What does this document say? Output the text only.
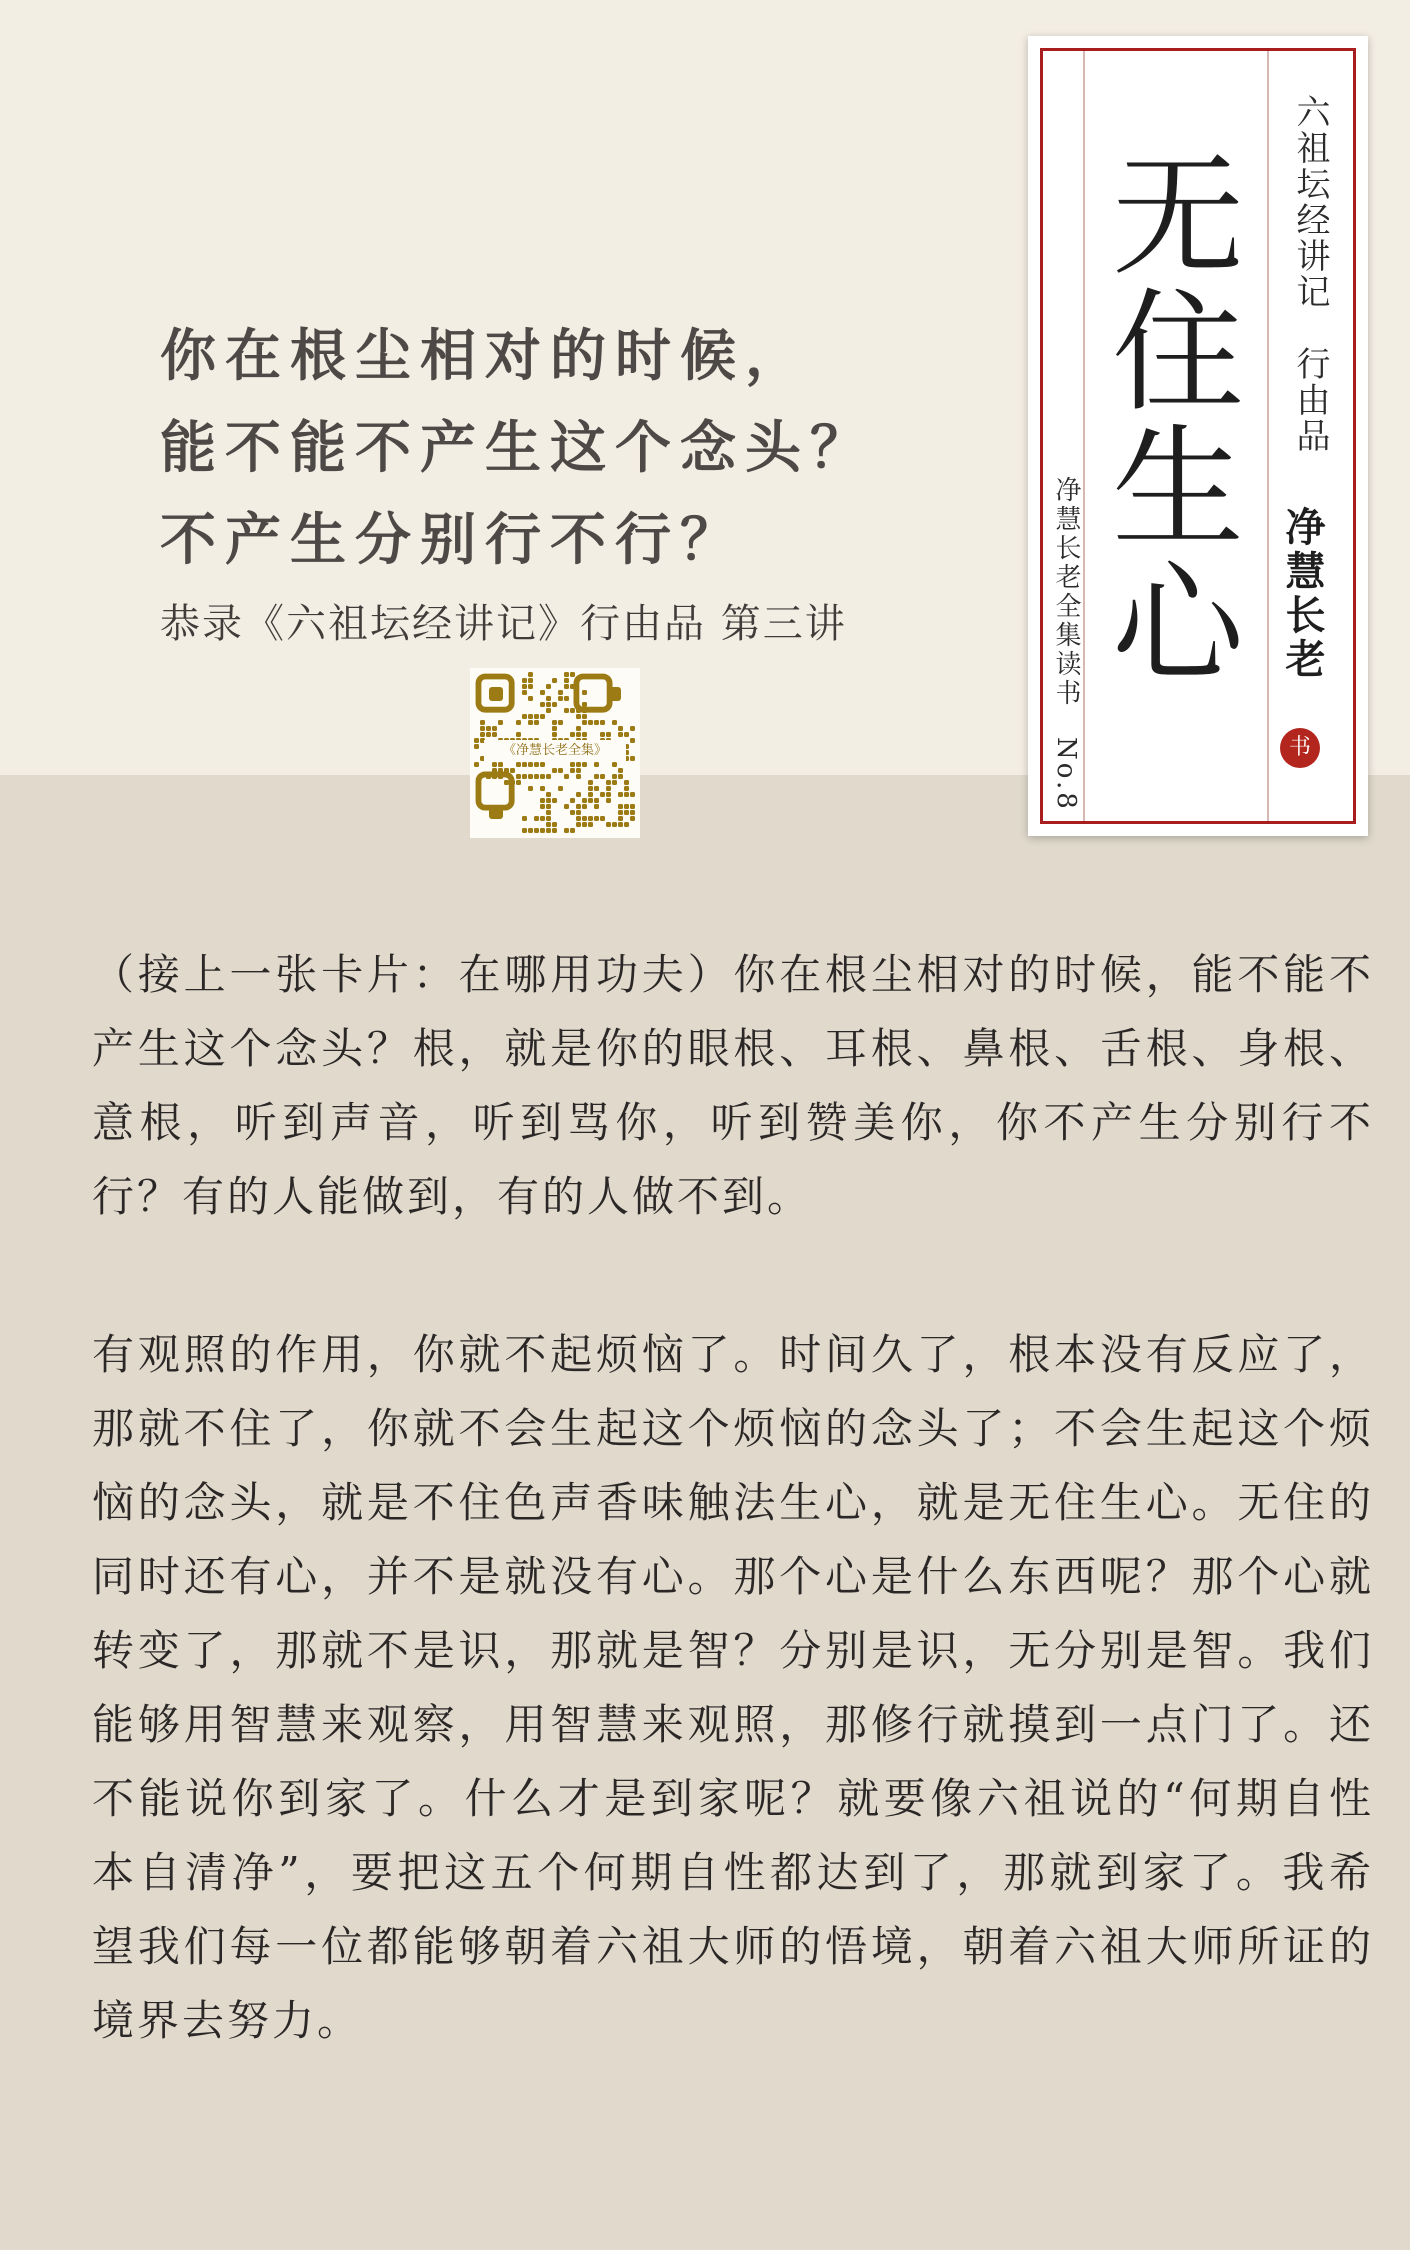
你在根尘相对的时候，
能不能不产生这个念头？
不产生分别行不行？
恭录《六祖坛经讲记》行由品 第三讲
《净慧长老全集》
无住生心 六祖坛经讲记　行由品
净慧长老全集读书　No.8	净慧长老
书

（接上一张卡片：在哪用功夫）你在根尘相对的时候，能不能不产生这个念头？根，就是你的眼根、耳根、鼻根、舌根、身根、意根，听到声音，听到骂你，听到赞美你，你不产生分别行不行？有的人能做到，有的人做不到。

有观照的作用，你就不起烦恼了。时间久了，根本没有反应了，那就不住了，你就不会生起这个烦恼的念头了；不会生起这个烦恼的念头，就是不住色声香味触法生心，就是无住生心。无住的同时还有心，并不是就没有心。那个心是什么东西呢？那个心就转变了，那就不是识，那就是智？分别是识，无分别是智。我们能够用智慧来观察，用智慧来观照，那修行就摸到一点门了。还不能说你到家了。什么才是到家呢？就要像六祖说的“何期自性本自清净”，要把这五个何期自性都达到了，那就到家了。我希望我们每一位都能够朝着六祖大师的悟境，朝着六祖大师所证的境界去努力。
